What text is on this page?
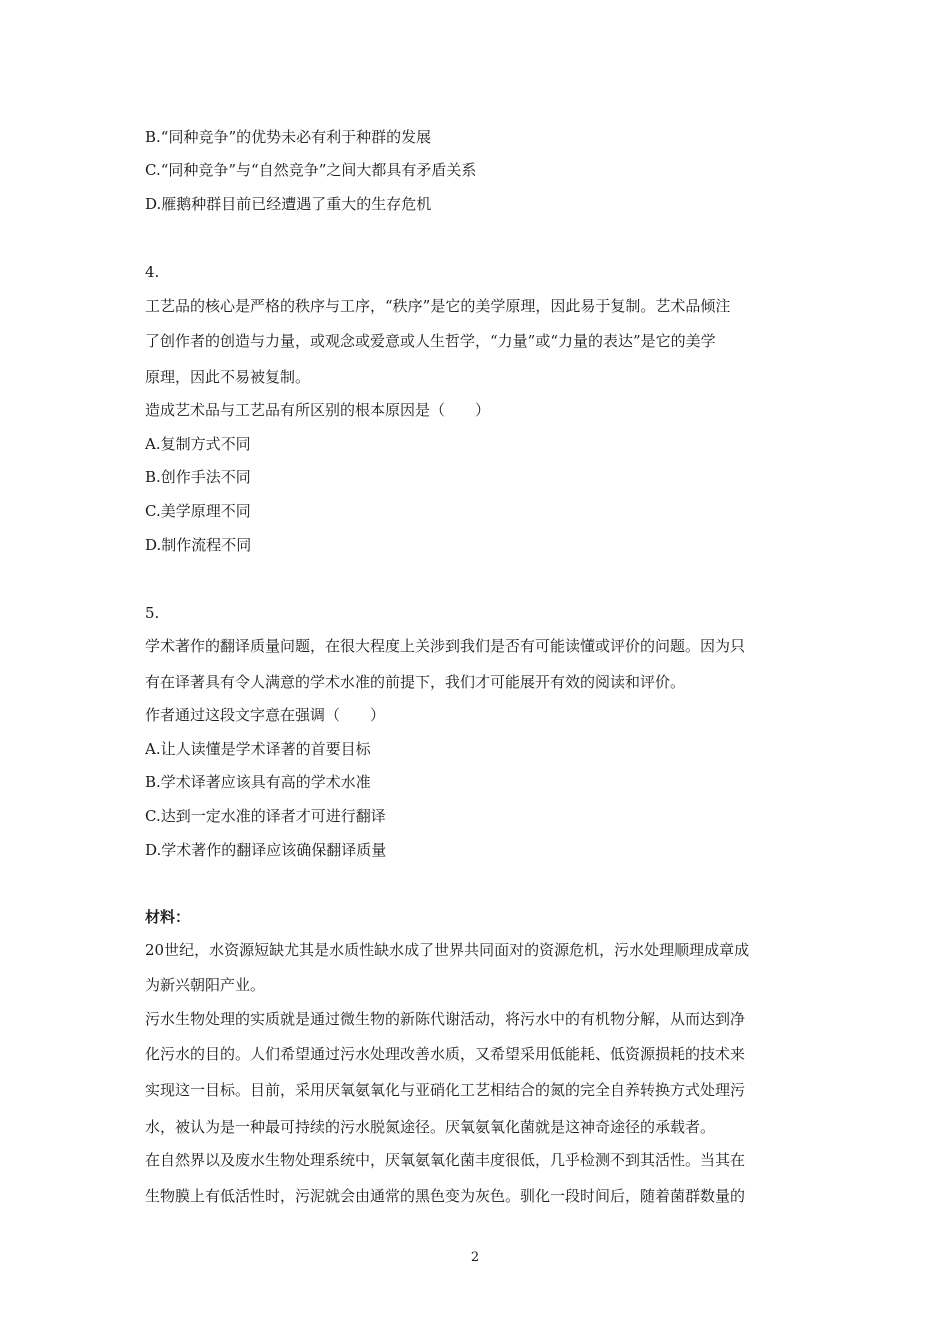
B.“同种竞争”的优势未必有利于种群的发展
C.“同种竞争”与“自然竞争”之间大都具有矛盾关系
D.雁鹅种群目前已经遭遇了重大的生存危机
4.
工艺品的核心是严格的秩序与工序，“秩序”是它的美学原理，因此易于复制。艺术品倾注
了创作者的创造与力量，或观念或爱意或人生哲学，“力量”或“力量的表达”是它的美学
原理，因此不易被复制。
造成艺术品与工艺品有所区别的根本原因是（　　）
A.复制方式不同
B.创作手法不同
C.美学原理不同
D.制作流程不同
5.
学术著作的翻译质量问题，在很大程度上关涉到我们是否有可能读懂或评价的问题。因为只
有在译著具有令人满意的学术水准的前提下，我们才可能展开有效的阅读和评价。
作者通过这段文字意在强调（　　）
A.让人读懂是学术译著的首要目标
B.学术译著应该具有高的学术水准
C.达到一定水准的译者才可进行翻译
D.学术著作的翻译应该确保翻译质量
材料：
20世纪，水资源短缺尤其是水质性缺水成了世界共同面对的资源危机，污水处理顺理成章成
为新兴朝阳产业。
污水生物处理的实质就是通过微生物的新陈代谢活动，将污水中的有机物分解，从而达到净
化污水的目的。人们希望通过污水处理改善水质，又希望采用低能耗、低资源损耗的技术来
实现这一目标。目前，采用厌氧氨氧化与亚硝化工艺相结合的氮的完全自养转换方式处理污
水，被认为是一种最可持续的污水脱氮途径。厌氧氨氧化菌就是这神奇途径的承载者。
在自然界以及废水生物处理系统中，厌氧氨氧化菌丰度很低，几乎检测不到其活性。当其在
生物膜上有低活性时，污泥就会由通常的黑色变为灰色。驯化一段时间后，随着菌群数量的
2
